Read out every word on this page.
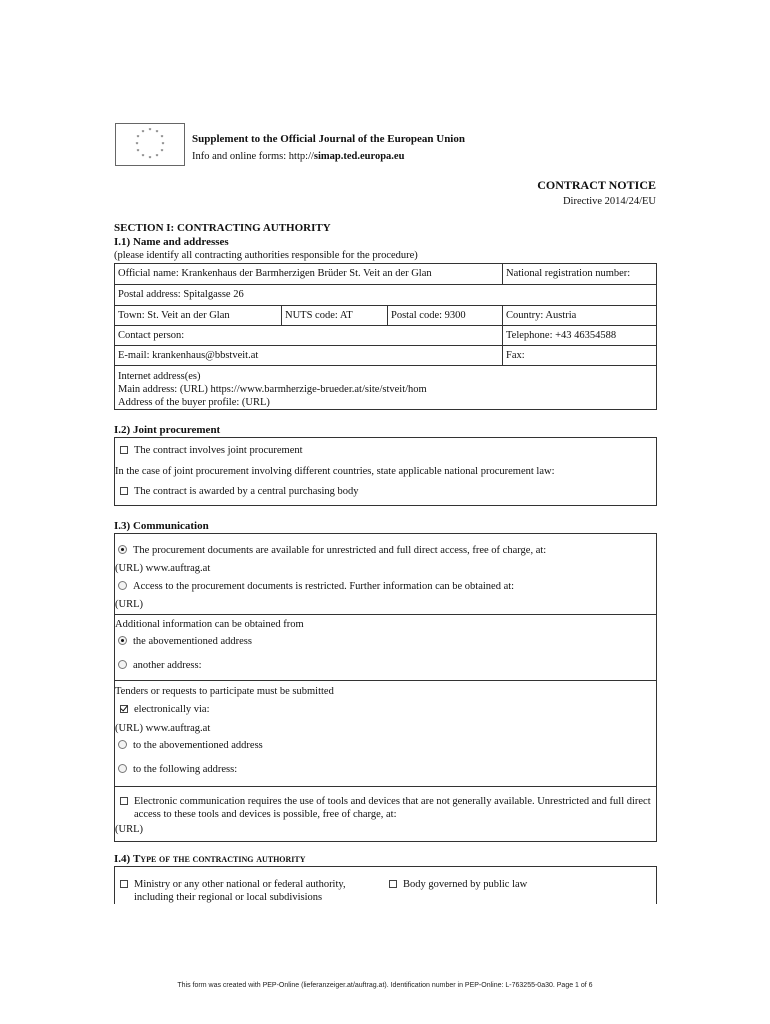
* *
*
*
*
*
*
*
*
*
*
*	Supplement to the Official Journal of the European Union
Info and online forms: http://simap.ted.europa.eu
CONTRACT NOTICE
Directive 2014/24/EU
SECTION I: CONTRACTING AUTHORITY
I.1) Name and addresses
(please identify all contracting authorities responsible for the procedure)
Official name: Krankenhaus der Barmherzigen Brüder St. Veit an der Glan	National registration number:
Postal address: Spitalgasse 26
Town: St. Veit an der Glan	NUTS code: AT	Postal code: 9300	Country: Austria
Contact person:	Telephone: +43 46354588
E-mail: krankenhaus@bbstveit.at	Fax:
Internet address(es)
Main address: (URL) https://www.barmherzige-brueder.at/site/stveit/hom
Address of the buyer profile: (URL)
I.2) Joint procurement
The contract involves joint procurement
In the case of joint procurement involving different countries, state applicable national procurement law:
The contract is awarded by a central purchasing body
I.3) Communication
The procurement documents are available for unrestricted and full direct access, free of charge, at:
(URL) www.auftrag.at
Access to the procurement documents is restricted. Further information can be obtained at:
(URL)
Additional information can be obtained from
the abovementioned address
another address:
Tenders or requests to participate must be submitted
electronically via:
(URL) www.auftrag.at
to the abovementioned address
to the following address:
Electronic communication requires the use of tools and devices that are not generally available. Unrestricted and full direct
access to these tools and devices is possible, free of charge, at:
(URL)
I.4) Type of the contracting authority
Ministry or any other national or federal authority,
including their regional or local subdivisions
Body governed by public law
This form was created with PEP-Online (lieferanzeiger.at/auftrag.at). Identification number in PEP-Online: L-763255-0a30. Page 1 of 6
